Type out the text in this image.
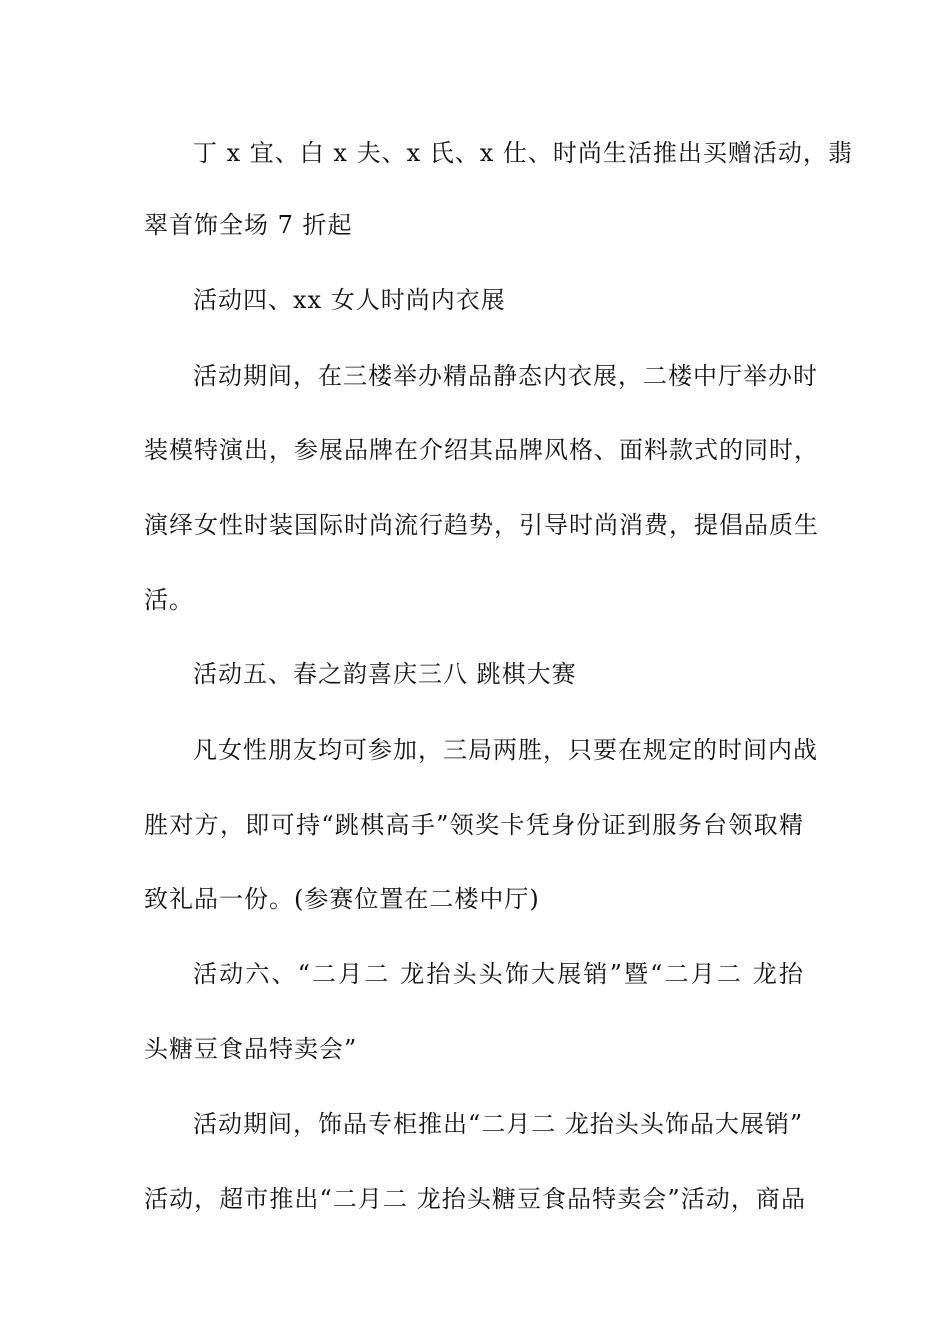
丁 x 宜、白 x 夫、x 氏、x 仕、时尚生活推出买赠活动，翡
翠首饰全场 7 折起
活动四、xx 女人时尚内衣展
活动期间，在三楼举办精品静态内衣展，二楼中厅举办时
装模特演出，参展品牌在介绍其品牌风格、面料款式的同时，
演绎女性时装国际时尚流行趋势，引导时尚消费，提倡品质生
活。
活动五、春之韵喜庆三八 跳棋大赛
凡女性朋友均可参加，三局两胜，只要在规定的时间内战
胜对方，即可持“跳棋高手”领奖卡凭身份证到服务台领取精
致礼品一份。(参赛位置在二楼中厅)
活动六、“二月二 龙抬头头饰大展销”暨“二月二 龙抬
头糖豆食品特卖会”
活动期间，饰品专柜推出“二月二 龙抬头头饰品大展销”
活动，超市推出“二月二 龙抬头糖豆食品特卖会”活动，商品
